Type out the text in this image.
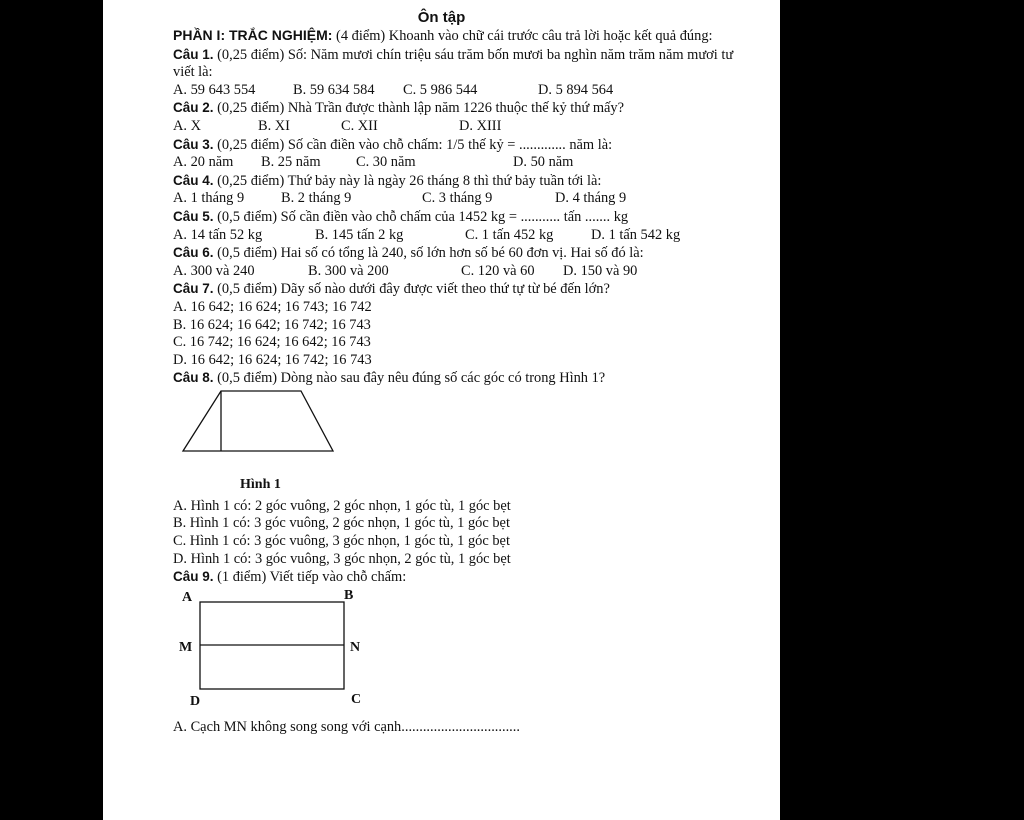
Ôn tập

PHẦN I: TRẮC NGHIỆM: (4 điểm) Khoanh vào chữ cái trước câu trả lời hoặc kết quả đúng:

Câu 1. (0,25 điểm) Số: Năm mươi chín triệu sáu trăm bốn mươi ba nghìn năm trăm năm mươi tư viết là:

A. 59 643 554	B. 59 634 584 C. 5 986 544	D. 5 894 564

Câu 2. (0,25 điểm) Nhà Trần được thành lập năm 1226 thuộc thế kỷ thứ mấy?

A. X	B. XI	C. XII	D. XIII

Câu 3. (0,25 điểm) Số cần điền vào chỗ chấm: 1/5 thế kỷ = ............. năm là:

A. 20 năm B. 25 năm C. 30 năm	D. 50 năm

Câu 4. (0,25 điểm) Thứ bảy này là ngày 26 tháng 8 thì thứ bảy tuần tới là:

A. 1 tháng 9	B. 2 tháng 9	C. 3 tháng 9	D. 4 tháng 9

Câu 5. (0,5 điểm) Số cần điền vào chỗ chấm của 1452 kg = ........... tấn ....... kg

A. 14 tấn 52 kg	B. 145 tấn 2 kg	C. 1 tấn 452 kg	D. 1 tấn 542 kg

Câu 6. (0,5 điểm) Hai số có tổng là 240, số lớn hơn số bé 60 đơn vị. Hai số đó là:

A. 300 và 240	B. 300 và 200	C. 120 và 60 D. 150 và 90

Câu 7. (0,5 điểm) Dãy số nào dưới đây được viết theo thứ tự từ bé đến lớn?

A. 16 642; 16 624; 16 743; 16 742

B. 16 624; 16 642; 16 742; 16 743

C. 16 742; 16 624; 16 642; 16 743

D. 16 642; 16 624; 16 742; 16 743

Câu 8. (0,5 điểm) Dòng nào sau đây nêu đúng số các góc có trong Hình 1?

Hình 1

A. Hình 1 có: 2 góc vuông, 2 góc nhọn, 1 góc tù, 1 góc bẹt

B. Hình 1 có: 3 góc vuông, 2 góc nhọn, 1 góc tù, 1 góc bẹt

C. Hình 1 có: 3 góc vuông, 3 góc nhọn, 1 góc tù, 1 góc bẹt

D. Hình 1 có: 3 góc vuông, 3 góc nhọn, 2 góc tù, 1 góc bẹt

Câu 9. (1 điểm) Viết tiếp vào chỗ chấm:

A	B
M	N
D	C

A. Cạch MN không song song với cạnh.................................
